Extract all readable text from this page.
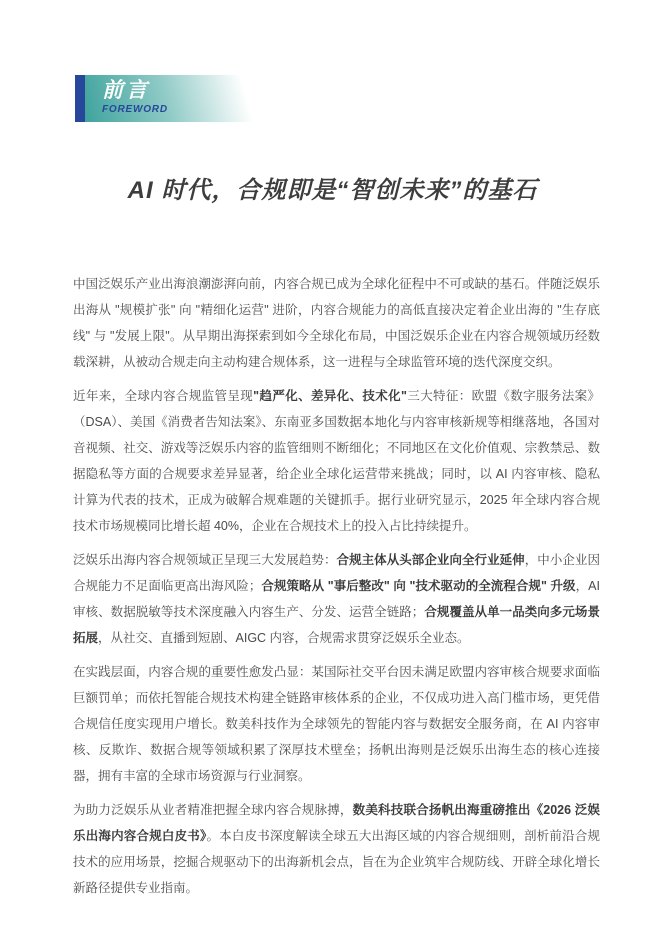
前言
FOREWORD
AI 时代，合规即是“智创未来”的基石

中国泛娱乐产业出海浪潮澎湃向前，内容合规已成为全球化征程中不可或缺的基石。伴随泛娱乐出海从 "规模扩张" 向 "精细化运营" 进阶，内容合规能力的高低直接决定着企业出海的 "生存底线" 与 "发展上限"。从早期出海探索到如今全球化布局，中国泛娱乐企业在内容合规领域历经数载深耕，从被动合规走向主动构建合规体系，这一进程与全球监管环境的迭代深度交织。

近年来，全球内容合规监管呈现"趋严化、差异化、技术化"三大特征：欧盟《数字服务法案》（DSA）、美国《消费者告知法案》、东南亚多国数据本地化与内容审核新规等相继落地，各国对音视频、社交、游戏等泛娱乐内容的监管细则不断细化；不同地区在文化价值观、宗教禁忌、数据隐私等方面的合规要求差异显著，给企业全球化运营带来挑战；同时，以 AI 内容审核、隐私计算为代表的技术，正成为破解合规难题的关键抓手。据行业研究显示，2025 年全球内容合规技术市场规模同比增长超 40%，企业在合规技术上的投入占比持续提升。

泛娱乐出海内容合规领域正呈现三大发展趋势：合规主体从头部企业向全行业延伸，中小企业因合规能力不足面临更高出海风险；合规策略从 "事后整改" 向 "技术驱动的全流程合规" 升级，AI 审核、数据脱敏等技术深度融入内容生产、分发、运营全链路；合规覆盖从单一品类向多元场景拓展，从社交、直播到短剧、AIGC 内容，合规需求贯穿泛娱乐全业态。

在实践层面，内容合规的重要性愈发凸显：某国际社交平台因未满足欧盟内容审核合规要求面临巨额罚单；而依托智能合规技术构建全链路审核体系的企业，不仅成功进入高门槛市场，更凭借合规信任度实现用户增长。数美科技作为全球领先的智能内容与数据安全服务商，在 AI 内容审核、反欺诈、数据合规等领域积累了深厚技术壁垒；扬帆出海则是泛娱乐出海生态的核心连接器，拥有丰富的全球市场资源与行业洞察。

为助力泛娱乐从业者精准把握全球内容合规脉搏，数美科技联合扬帆出海重磅推出《2026 泛娱乐出海内容合规白皮书》。本白皮书深度解读全球五大出海区域的内容合规细则，剖析前沿合规技术的应用场景，挖掘合规驱动下的出海新机会点，旨在为企业筑牢合规防线、开辟全球化增长新路径提供专业指南。
